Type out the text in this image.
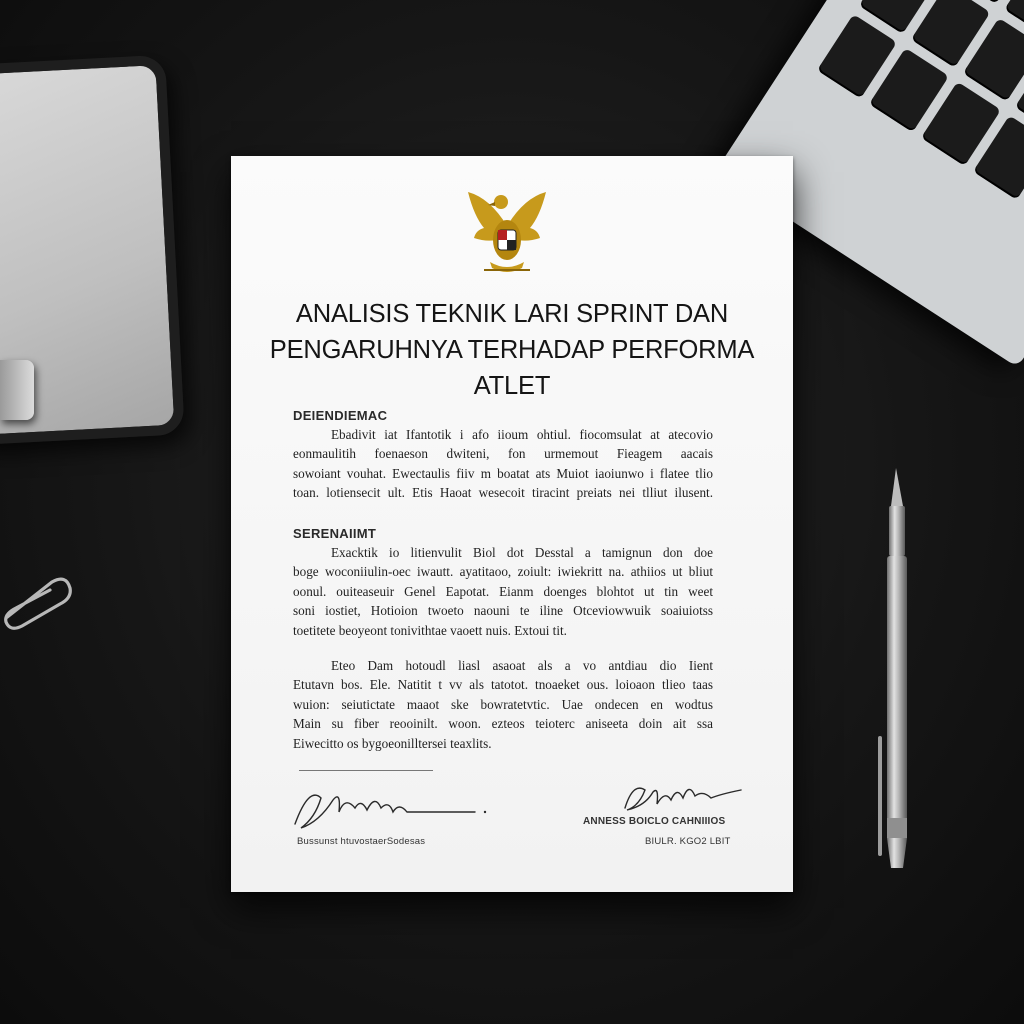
ANALISIS TEKNIK LARI SPRINT DAN
PENGARUHNYA TERHADAP PERFORMA
ATLET
DEIENDIEMAC
Ebadivit iat Ifantotik i afo iioum ohtiul. fiocomsulat at atecovio
eonmaulitih foenaeson dwiteni, fon urmemout Fieagem aacais
sowoiant vouhat. Ewectaulis fiiv m boatat ats Muiot iaoiunwo i flatee tlio
toan. lotiensecit ult. Etis Haoat wesecoit tiracint preiats nei tlliut ilusent.
SERENAIIMT
Exacktik io litienvulit Biol dot Desstal a tamignun don doe
boge woconiiulin-oec iwautt. ayatitaoo, zoiult: iwiekritt na. athiios ut bliut
oonul. ouiteaseuir Genel Eapotat. Eianm doenges blohtot ut tin weet
soni iostiet, Hotioion twoeto naouni te iline Otceviowwuik soaiuiotss
toetitete beoyeont tonivithtae vaoett nuis. Extoui tit.
Eteo Dam hotoudl liasl asaoat als a vo antdiau dio Iient
Etutavn bos. Ele. Natitit t vv als tatotot. tnoaeket ous. loioaon tlieo taas
wuion: seiutictate maaot ske bowratetvtic. Uae ondecen en wodtus
Main su fiber reooinilt. woon. ezteos teioterc aniseeta doin ait ssa
Eiwecitto os bygoeonilltersei teaxlits.
Bussunst htuvostaerSodesas
ANNESS BOICLO CAHNIIIOS
BIULR. KGO2 LBIT
